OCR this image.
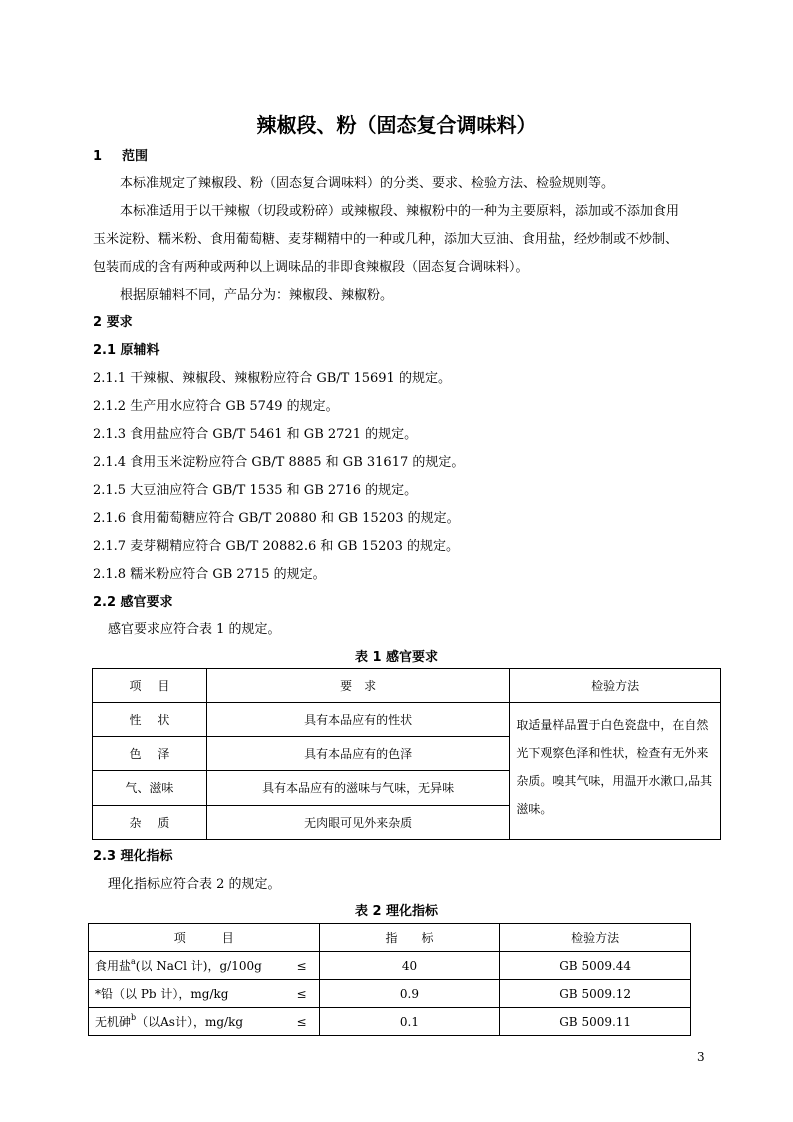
辣椒段、粉（固态复合调味料）
1 范围
本标准规定了辣椒段、粉（固态复合调味料）的分类、要求、检验方法、检验规则等。
本标准适用于以干辣椒（切段或粉碎）或辣椒段、辣椒粉中的一种为主要原料，添加或不添加食用
玉米淀粉、糯米粉、食用葡萄糖、麦芽糊精中的一种或几种，添加大豆油、食用盐，经炒制或不炒制、
包装而成的含有两种或两种以上调味品的非即食辣椒段（固态复合调味料）。
根据原辅料不同，产品分为：辣椒段、辣椒粉。
2 要求
2.1 原辅料
2.1.1 干辣椒、辣椒段、辣椒粉应符合 GB/T 15691 的规定。
2.1.2 生产用水应符合 GB 5749 的规定。
2.1.3 食用盐应符合 GB/T 5461 和 GB 2721 的规定。
2.1.4 食用玉米淀粉应符合 GB/T 8885 和 GB 31617 的规定。
2.1.5 大豆油应符合 GB/T 1535 和 GB 2716 的规定。
2.1.6 食用葡萄糖应符合 GB/T 20880 和 GB 15203 的规定。
2.1.7 麦芽糊精应符合 GB/T 20882.6 和 GB 15203 的规定。
2.1.8 糯米粉应符合 GB 2715 的规定。
2.2 感官要求
感官要求应符合表 1 的规定。
表 1 感官要求
项　 目	要　求	检验方法
性　 状	具有本品应有的性状	取适量样品置于白色瓷盘中，在自然光下观察色泽和性状，检查有无外来杂质。嗅其气味，用温开水漱口,品其滋味。
色　 泽	具有本品应有的色泽	
气、滋味	具有本品应有的滋味与气味，无异味	
杂　 质	无肉眼可见外来杂质	
2.3 理化指标
理化指标应符合表 2 的规定。
表 2 理化指标
项　　　目	指　　标	检验方法
食用盐$^a$(以 NaCl 计)，g/100g ≤	40	GB 5009.44
*铅（以 Pb 计），mg/kg ≤	0.9	GB 5009.12
无机砷$^b$（以As计），mg/kg ≤	0.1	GB 5009.11
3
